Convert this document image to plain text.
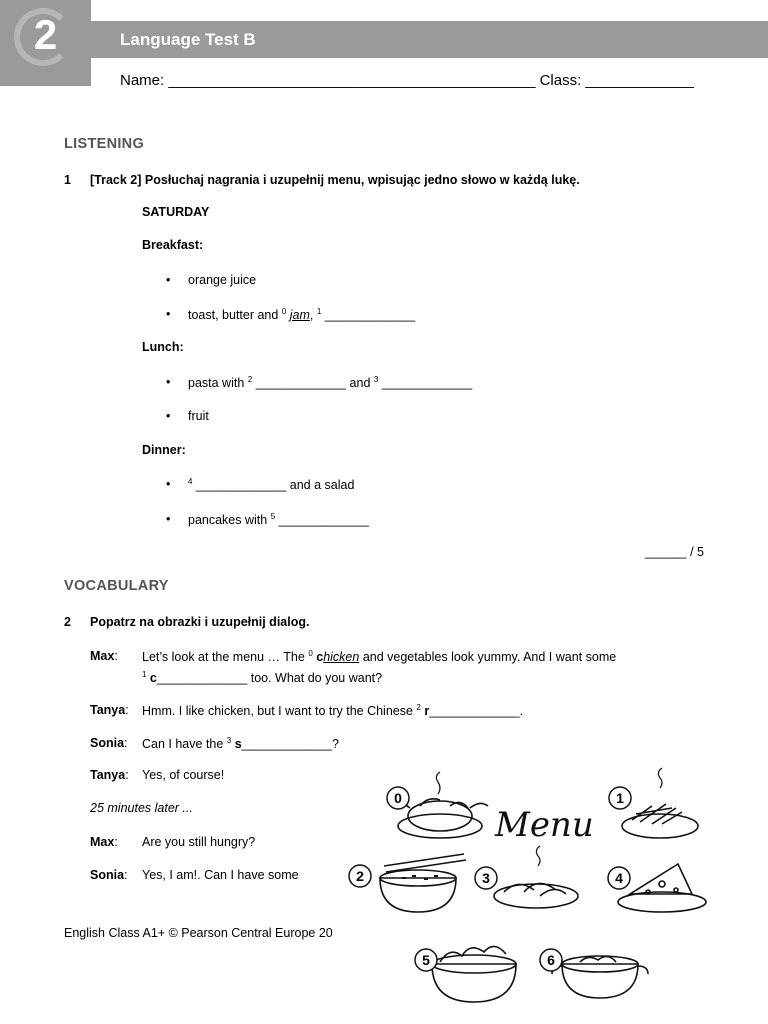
2	Language Test B
Name: ____________________________________________ Class: _____________
LISTENING
1 [Track 2] Posłuchaj nagrania i uzupełnij menu, wpisując jedno słowo w każdą lukę.
SATURDAY
Breakfast:
• orange juice
• toast, butter and $^0$ jam, $^1$ _____________
Lunch:
• pasta with $^2$ _____________ and $^3$ _____________
• fruit
Dinner:
• $^4$ _____________ and a salad
• pancakes with $^5$ _____________
______ / 5
VOCABULARY
2 Popatrz na obrazki i uzupełnij dialog.
Max: Let’s look at the menu … The $^0$ chicken and vegetables look yummy. And I want some
$^1$ c_____________ too. What do you want?
Tanya: Hmm. I like chicken, but I want to try the Chinese $^2$ r_____________.
Sonia: Can I have the $^3$ s_____________?
Tanya: Yes, of course!
25 minutes later ...
Max: Are you still hungry?
Sonia: Yes, I am!. Can I have some
Menu
0	1
2	3	4
5	6
English Class A1+ © Pearson Central Europe 20
